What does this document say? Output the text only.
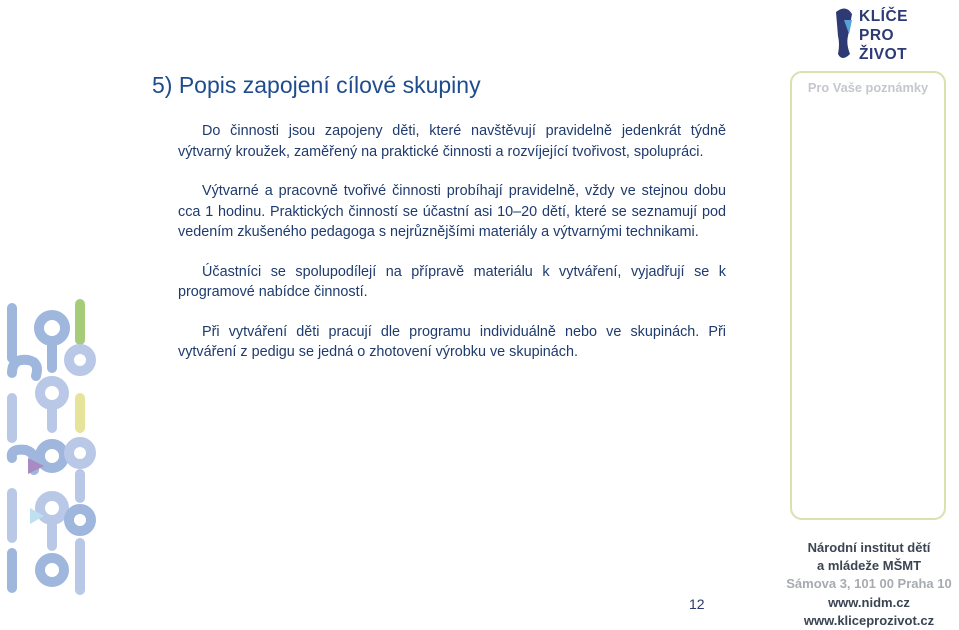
KLÍČE
PRO
ŽIVOT
5) Popis zapojení cílové skupiny

Do činnosti jsou zapojeny děti, které navštěvují pravidelně jedenkrát týdně výtvarný kroužek, zaměřený na praktické činnosti a rozvíjející tvořivost, spolupráci.

Výtvarné a pracovně tvořivé činnosti probíhají pravidelně, vždy ve stejnou dobu cca 1 hodinu. Praktických činností se účastní asi 10–20 dětí, které se seznamují pod vedením zkušeného pedagoga s nejrůznějšími materiály a výtvarnými technikami.

Účastníci se spolupodílejí na přípravě materiálu k vytváření, vyjadřují se k programové nabídce činností.

Při vytváření děti pracují dle programu individuálně nebo ve skupinách. Při vytváření z pedigu se jedná o zhotovení výrobku ve skupinách.

Pro Vaše poznámky
Národní institut dětí
a mládeže MŠMT
Sámova 3, 101 00 Praha 10
www.nidm.cz
www.kliceprozivot.cz
12
